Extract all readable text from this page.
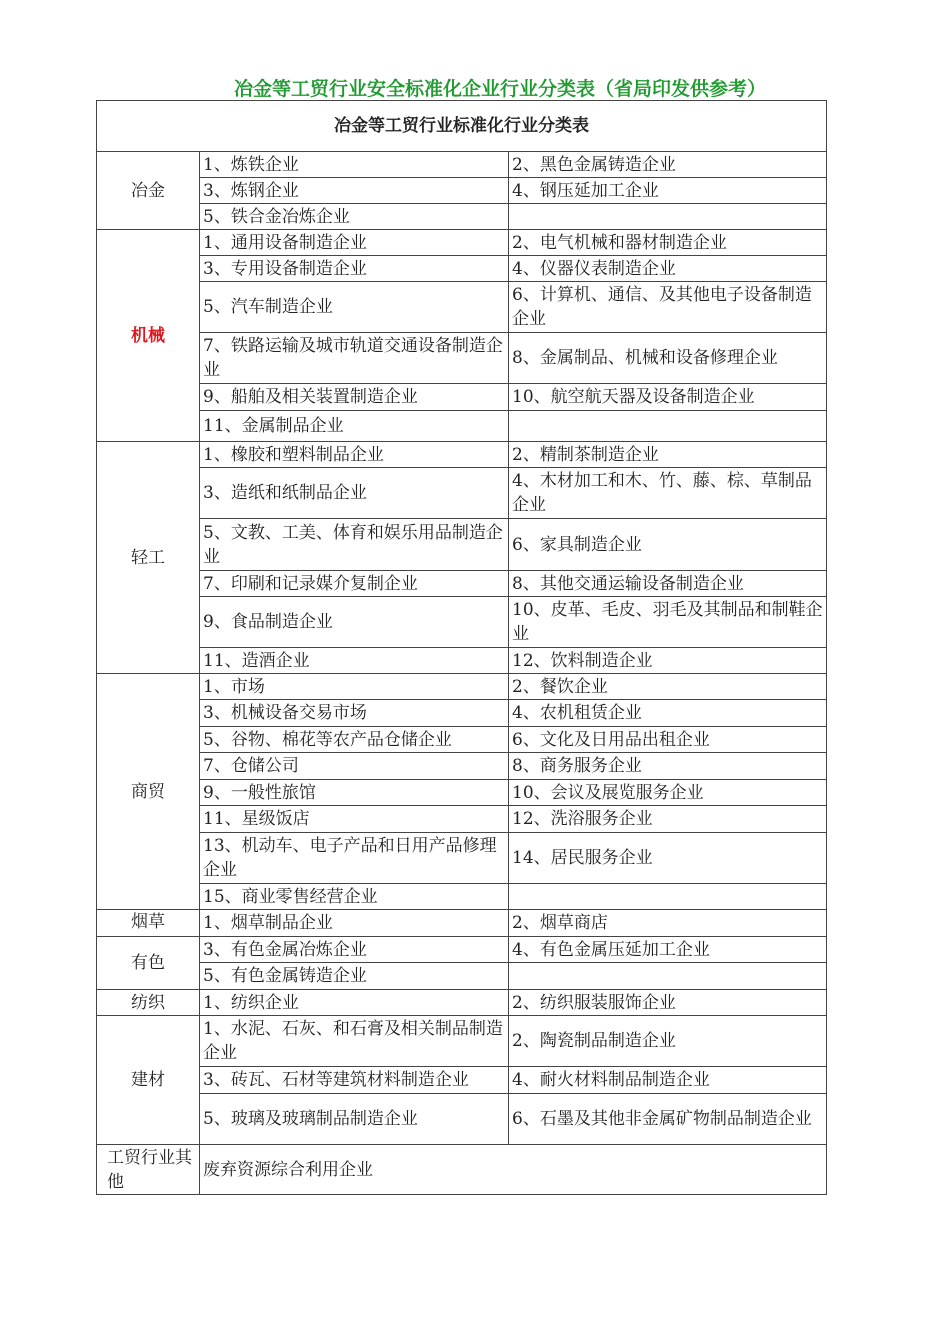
冶金等工贸行业安全标准化企业行业分类表（省局印发供参考）
冶金等工贸行业标准化行业分类表		
冶金	1、炼铁企业	2、黑色金属铸造企业
	3、炼钢企业	4、钢压延加工企业
	5、铁合金冶炼企业	
机械	1、通用设备制造企业	2、电气机械和器材制造企业
	3、专用设备制造企业	4、仪器仪表制造企业
	5、汽车制造企业	6、计算机、通信、及其他电子设备制造企业
	7、铁路运输及城市轨道交通设备制造企业	8、金属制品、机械和设备修理企业
	9、船舶及相关装置制造企业	10、航空航天器及设备制造企业
	11、金属制品企业	
轻工	1、橡胶和塑料制品企业	2、精制茶制造企业
	3、造纸和纸制品企业	4、木材加工和木、竹、藤、棕、草制品企业
	5、文教、工美、体育和娱乐用品制造企业	6、家具制造企业
	7、印刷和记录媒介复制企业	8、其他交通运输设备制造企业
	9、食品制造企业	10、皮革、毛皮、羽毛及其制品和制鞋企业
	11、造酒企业	12、饮料制造企业
商贸	1、市场	2、餐饮企业
	3、机械设备交易市场	4、农机租赁企业
	5、谷物、棉花等农产品仓储企业	6、文化及日用品出租企业
	7、仓储公司	8、商务服务企业
	9、一般性旅馆	10、会议及展览服务企业
	11、星级饭店	12、洗浴服务企业
	13、机动车、电子产品和日用产品修理企业	14、居民服务企业
	15、商业零售经营企业	
烟草	1、烟草制品企业	2、烟草商店
有色	3、有色金属冶炼企业	4、有色金属压延加工企业
	5、有色金属铸造企业	
纺织	1、纺织企业	2、纺织服装服饰企业
建材	1、水泥、石灰、和石膏及相关制品制造企业	2、陶瓷制品制造企业
	3、砖瓦、石材等建筑材料制造企业	4、耐火材料制品制造企业
	5、玻璃及玻璃制品制造企业	6、石墨及其他非金属矿物制品制造企业
工贸行业其他	废弃资源综合利用企业	
